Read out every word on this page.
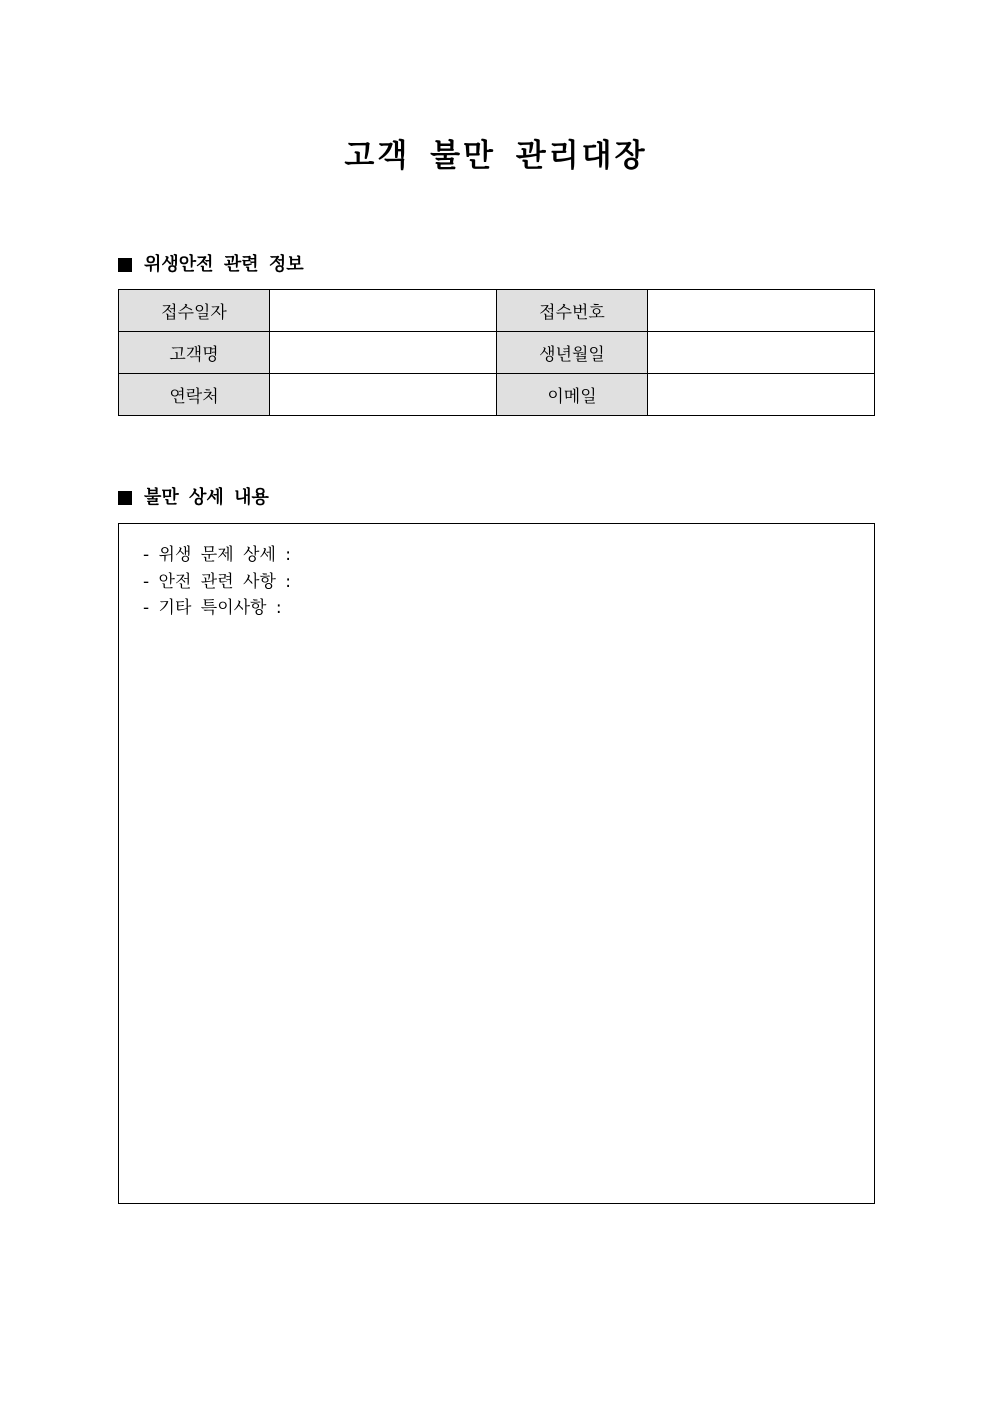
고객 불만 관리대장
위생안전 관련 정보
접수일자		접수번호	
고객명		생년월일	
연락처		이메일	
불만 상세 내용
- 위생 문제 상세 :
- 안전 관련 사항 :
- 기타 특이사항 :
